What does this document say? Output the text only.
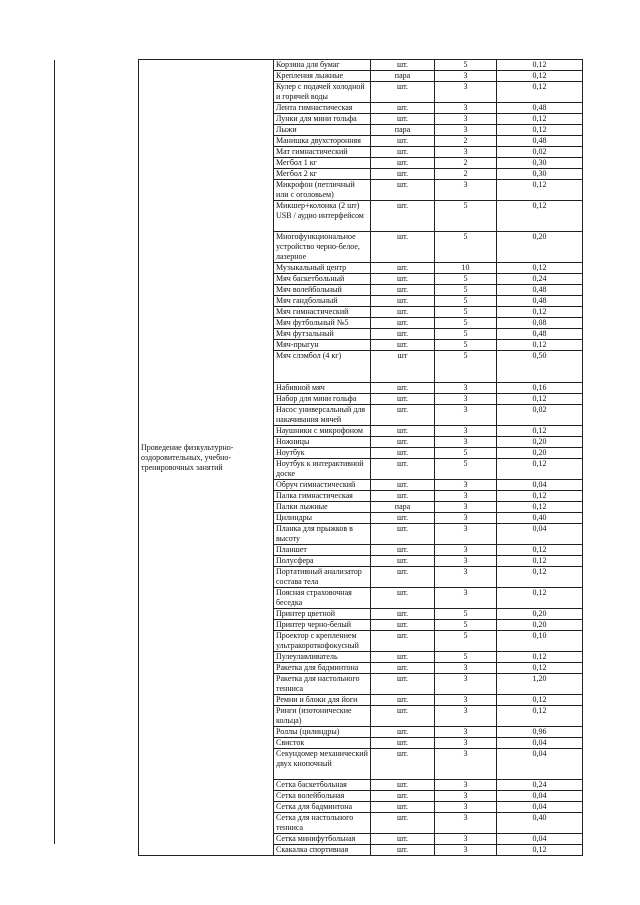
Проведение физкультурно-оздоровительных, учебно-тренировочных занятий	Корзина для бумаг	шт.	5	0,12
	Крепления лыжные	пара	3	0,12
	Кулер с подачей холодной и горячей воды	шт.	3	0,12
	Лента гимнастическая	шт.	3	0,48
	Лунки для мини гольфа	шт.	3	0,12
	Лыжи	пара	3	0,12
	Манишка двухсторонняя	шт.	2	0,48
	Мат гимнастический	шт.	3	0,02
	Мегбол 1 кг	шт.	2	0,30
	Мегбол 2 кг	шт.	2	0,30
	Микрофон (петличный или с оголовьем)	шт.	3	0,12
	Микшер+колонка (2 шт) USB / аудио интерфейсом	шт.	5	0,12
	Многофункциональное устройство черно-белое, лазерное	шт.	5	0,20
	Музыкальный центр	шт.	10	0,12
	Мяч баскетбольный	шт.	5	0,24
	Мяч волейбольный	шт.	5	0,48
	Мяч гандбольный	шт.	5	0,48
	Мяч гимнастический	шт.	5	0,12
	Мяч футбольный №5	шт.	5	0,08
	Мяч футзальный	шт.	5	0,48
	Мяч-прыгун	шт.	5	0,12
	Мяч слэмбол (4 кг)	шт	5	0,50
	Набивной мяч	шт.	3	0,16
	Набор для мини гольфа	шт.	3	0,12
	Насос универсальный для накачивания мячей	шт.	3	0,02
	Наушники с микрофоном	шт.	3	0,12
	Ножницы	шт.	3	0,20
	Ноутбук	шт.	5	0,20
	Ноутбук к интерактивной доске	шт.	5	0,12
	Обруч гимнастический	шт.	3	0,04
	Палка гимнастическая	шт.	3	0,12
	Палки лыжные	пара	3	0,12
	Цилиндры	шт.	3	0,40
	Планка для прыжков в высоту	шт.	3	0,04
	Планшет	шт.	3	0,12
	Полусфера	шт.	3	0,12
	Портативный анализатор состава тела	шт.	3	0,12
	Поясная страховочная беседка	шт.	3	0,12
	Принтер цветной	шт.	5	0,20
	Принтер черно-белый	шт.	5	0,20
	Проектор с креплением ультракороткофокусный	шт.	5	0,10
	Пулеулавливатель	шт.	5	0,12
	Ракетка для бадминтона	шт.	3	0,12
	Ракетка для настольного тенниса	шт.	3	1,20
	Ремни и блоки для йоги	шт.	3	0,12
	Ринги (изотонические кольца)	шт.	3	0,12
	Роллы (цилиндры)	шт.	3	0,96
	Свисток	шт.	3	0,04
	Секундомер механический двух кнопочный	шт.	3	0,04
	Сетка баскетбольная	шт.	3	0,24
	Сетка волейбольная	шт.	3	0,04
	Сетка для бадминтона	шт.	3	0,04
	Сетка для настольного тенниса	шт.	3	0,40
	Сетка минифутбольная	шт.	3	0,04
	Скакалка спортивная	шт.	3	0,12
